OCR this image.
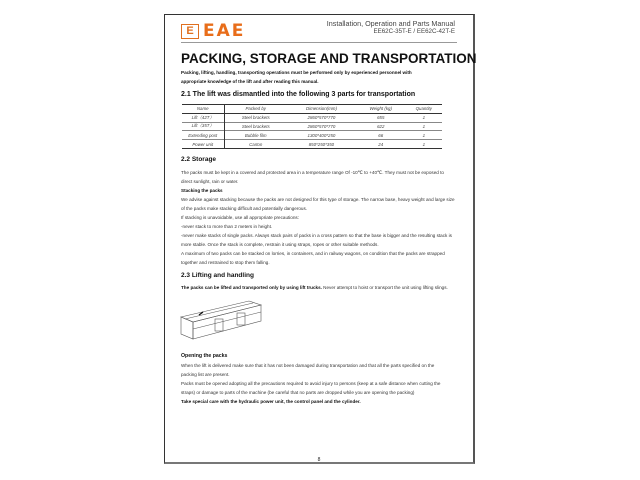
E EAE	Installation, Operation and Parts Manual
EE62C-35T-E / EE62C-42T-E
PACKING, STORAGE AND TRANSPORTATION
Packing, lifting, handling, transporting operations must be performed only by experienced personnel with
appropriate knowledge of the lift and after reading this manual.
2.1 The lift was dismantled into the following 3 parts for transportation
Name	Packed by	Dimension(mm)	Weight (kg)	Quantity
Lift（42T）	Steel brackets	2860*570*770	655	1
Lift（35T）	Steel brackets	2860*570*770	622	1
Extending post	Bubble film	1300*400*250	66	1
Power unit	Carton	850*250*350	24	1
2.2 Storage
The packs must be kept in a covered and protected area in a temperature range Of -10℃ to +40℃. They must not be exposed to
direct sunlight, rain or water.
Stacking the packs
We advise against stacking because the packs are not designed for this type of storage. The narrow base, heavy weight and large size
of the packs make stacking difficult and potentially dangerous.
If stacking is unavoidable, use all appropriate precautions:
-never stack to more than 2 meters in height.
-never make stacks of single packs. Always stack pairs of packs in a cross pattern so that the base is bigger and the resulting stack is
more stable. Once the stack is complete, restrain it using straps, ropes or other suitable methods.
A maximum of two packs can be stacked on lorries, in containers, and in railway wagons, on condition that the packs are strapped
together and restrained to stop them falling.
2.3 Lifting and handling
The packs can be lifted and transported only by using lift trucks. Never attempt to hoist or transport the unit using lifting slings.
Opening the packs
When the lift is delivered make sure that it has not been damaged during transportation and that all the parts specified on the
packing list are present.
Packs must be opened adopting all the precautions required to avoid injury to persons (keep at a safe distance when cutting the
straps) or damage to parts of the machine (be careful that no parts are dropped while you are opening the packing)
Take special care with the hydraulic power unit, the control panel and the cylinder.
8
